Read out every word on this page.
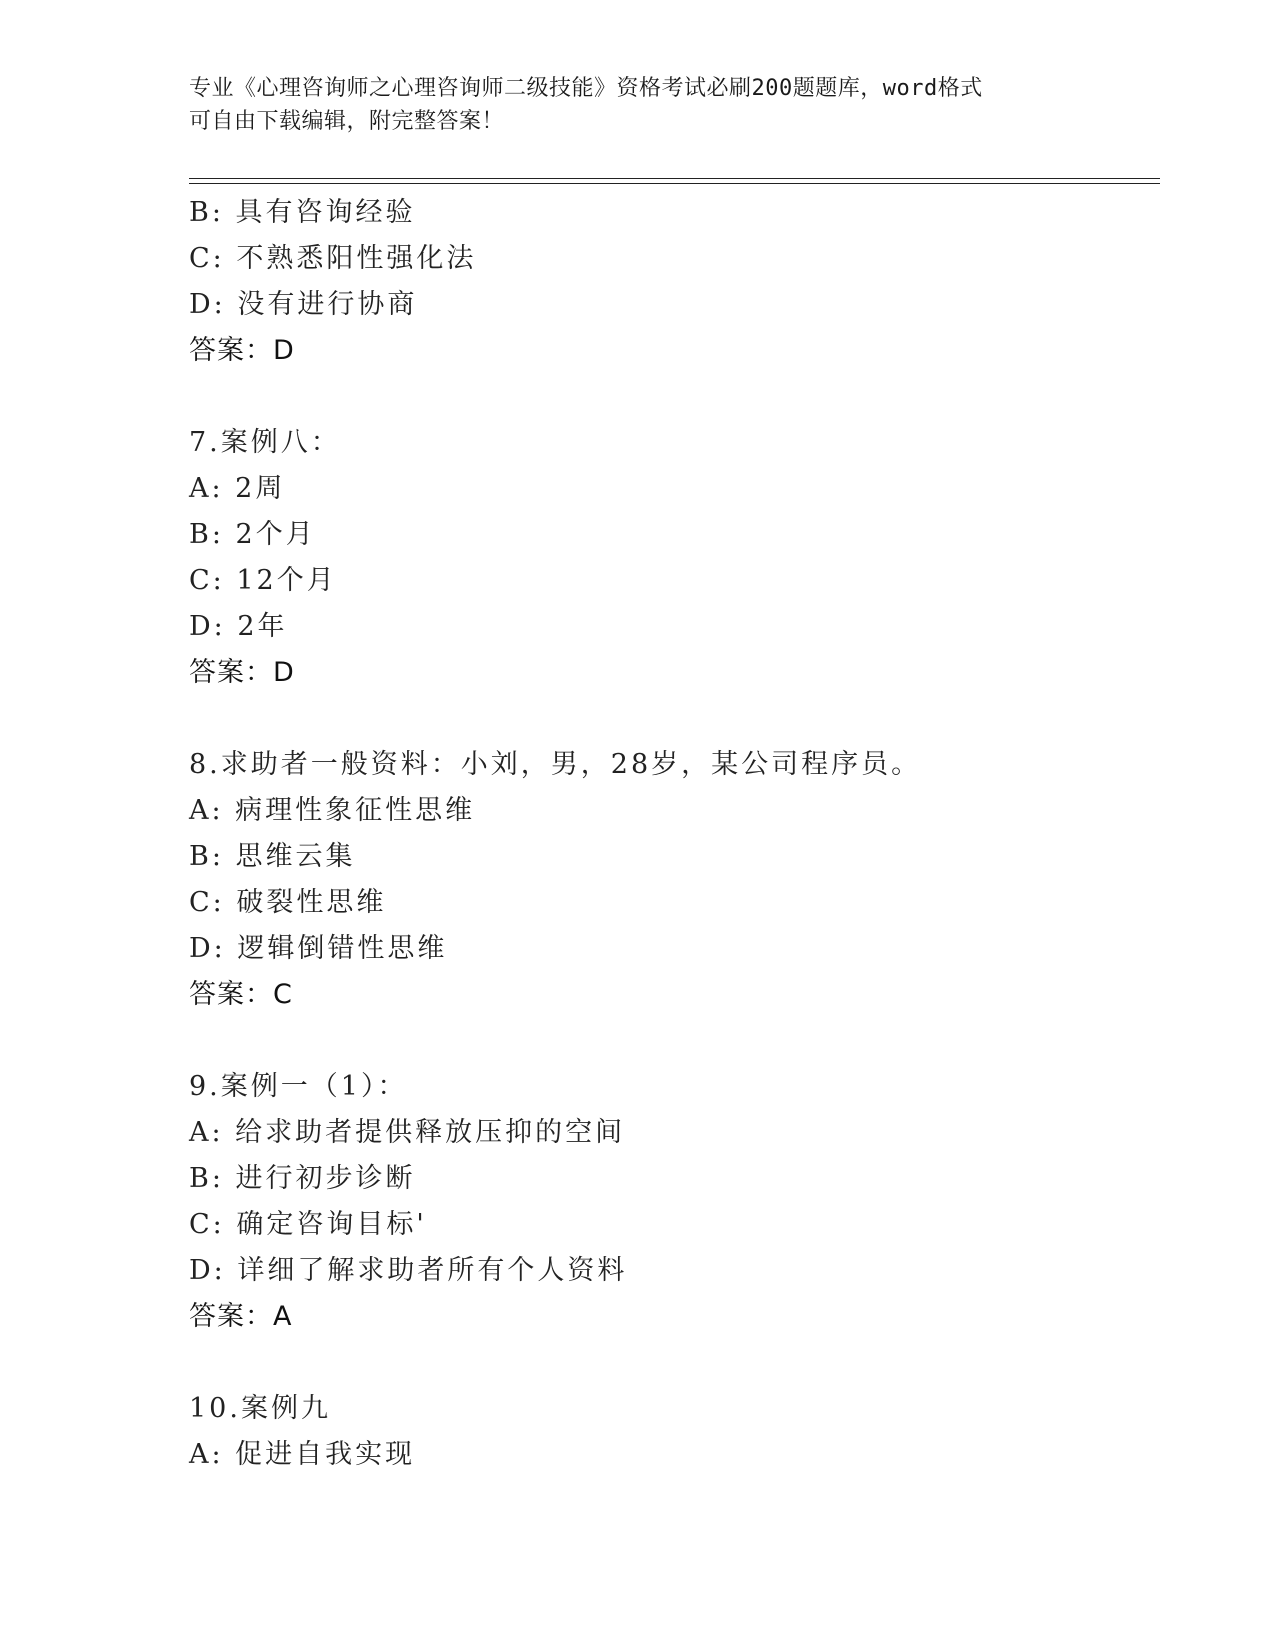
专业《心理咨询师之心理咨询师二级技能》资格考试必刷200题题库，word格式
可自由下载编辑，附完整答案！
B: 具有咨询经验
C: 不熟悉阳性强化法
D: 没有进行协商
答案：D
7.案例八：
A: 2周
B: 2个月
C: 12个月
D: 2年
答案：D
8.求助者一般资料：小刘，男，28岁，某公司程序员。
A: 病理性象征性思维
B: 思维云集
C: 破裂性思维
D: 逻辑倒错性思维
答案：C
9.案例一（1）：
A: 给求助者提供释放压抑的空间
B: 进行初步诊断
C: 确定咨询目标'
D: 详细了解求助者所有个人资料
答案：A
10.案例九
A: 促进自我实现
